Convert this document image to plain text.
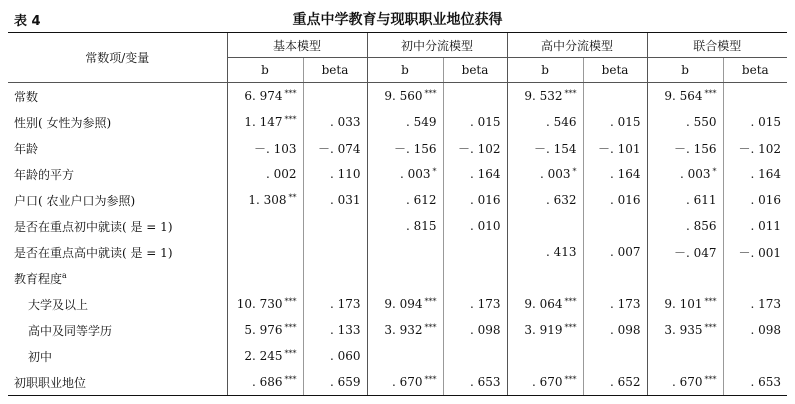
表 4	重点中学教育与现职职业地位获得
常数项/变量	基本模型		初中分流模型		高中分流模型		联合模型	
	b	beta	b	beta	b	beta	b	beta
常数	6. 974 ***		9. 560 ***		9. 532 ***		9. 564 ***	
性别( 女性为参照)	1. 147 ***	. 033	. 549	. 015	. 546	. 015	. 550	. 015
年龄	－. 103	－. 074	－. 156	－. 102	－. 154	－. 101	－. 156	－. 102
年龄的平方	. 002	. 110	. 003 *	. 164	. 003 *	. 164	. 003 *	. 164
户口( 农业户口为参照)	1. 308 **	. 031	. 612	. 016	. 632	. 016	. 611	. 016
是否在重点初中就读( 是 = 1)			. 815	. 010			. 856	. 011
是否在重点高中就读( 是 = 1)					. 413	. 007	－. 047	－. 001
教育程度$^a$								
大学及以上	10. 730 ***	. 173	9. 094 ***	. 173	9. 064 ***	. 173	9. 101 ***	. 173
高中及同等学历	5. 976 ***	. 133	3. 932 ***	. 098	3. 919 ***	. 098	3. 935 ***	. 098
初中	2. 245 ***	. 060						
初职职业地位	. 686 ***	. 659	. 670 ***	. 653	. 670 ***	. 652	. 670 ***	. 653
